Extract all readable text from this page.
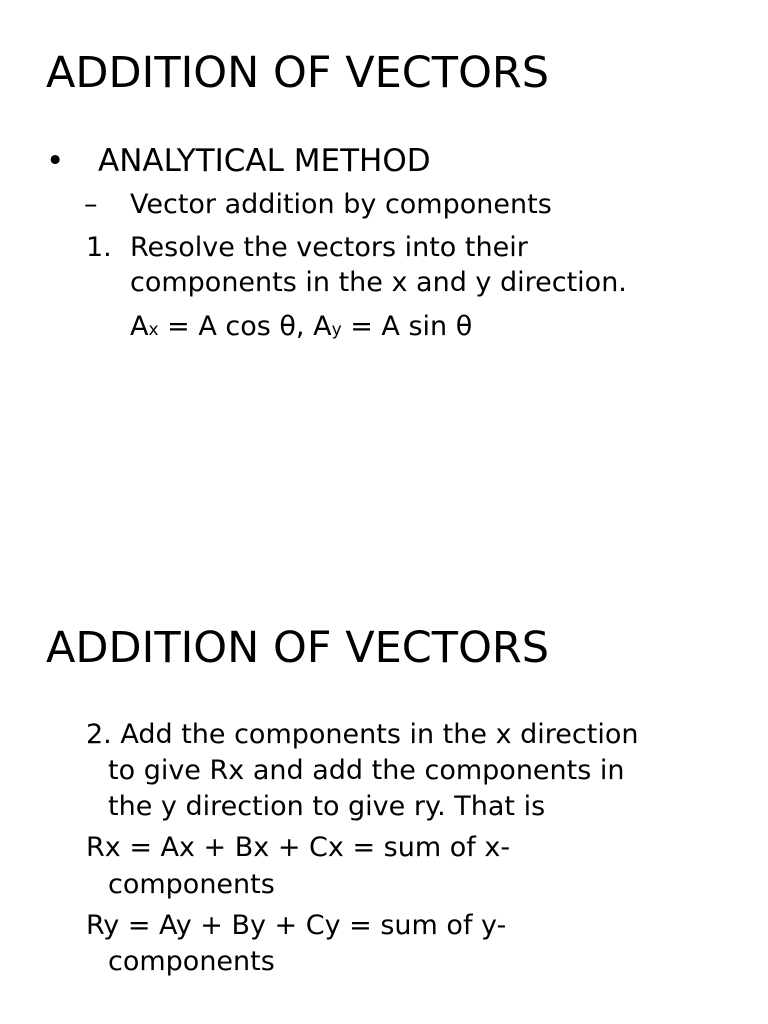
ADDITION OF VECTORS
• ANALYTICAL METHOD

– Vector addition by components

1. Resolve the vectors into their

components in the x and y direction.

Ax = A cos θ, Ay = A sin θ

ADDITION OF VECTORS

2. Add the components in the x direction

to give Rx and add the components in

the y direction to give ry. That is

Rx = Ax + Bx + Cx = sum of x-

components

Ry = Ay + By + Cy = sum of y-

components
